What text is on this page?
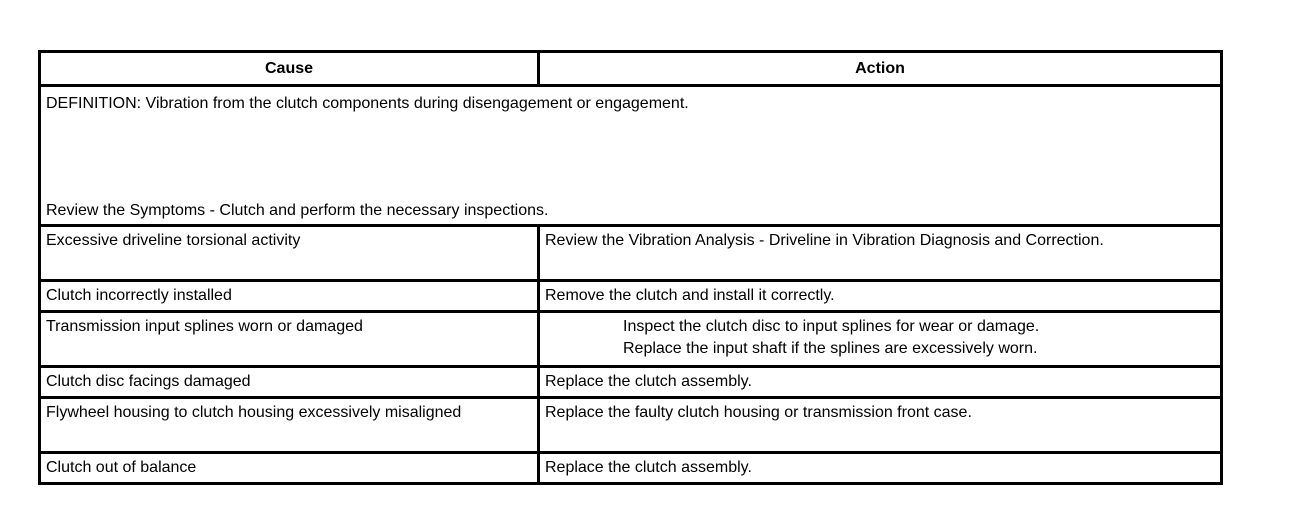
Cause	Action

DEFINITION: Vibration from the clutch components during disengagement or engagement.
Review the Symptoms - Clutch and perform the necessary inspections.	

Excessive driveline torsional activity	Review the Vibration Analysis - Driveline in Vibration Diagnosis and Correction.
Clutch incorrectly installed	Remove the clutch and install it correctly.
Transmission input splines worn or damaged	Inspect the clutch disc to input splines for wear or damage.
Replace the input shaft if the splines are excessively worn.

Clutch disc facings damaged	Replace the clutch assembly.
Flywheel housing to clutch housing excessively misaligned	Replace the faulty clutch housing or transmission front case.
Clutch out of balance	Replace the clutch assembly.
